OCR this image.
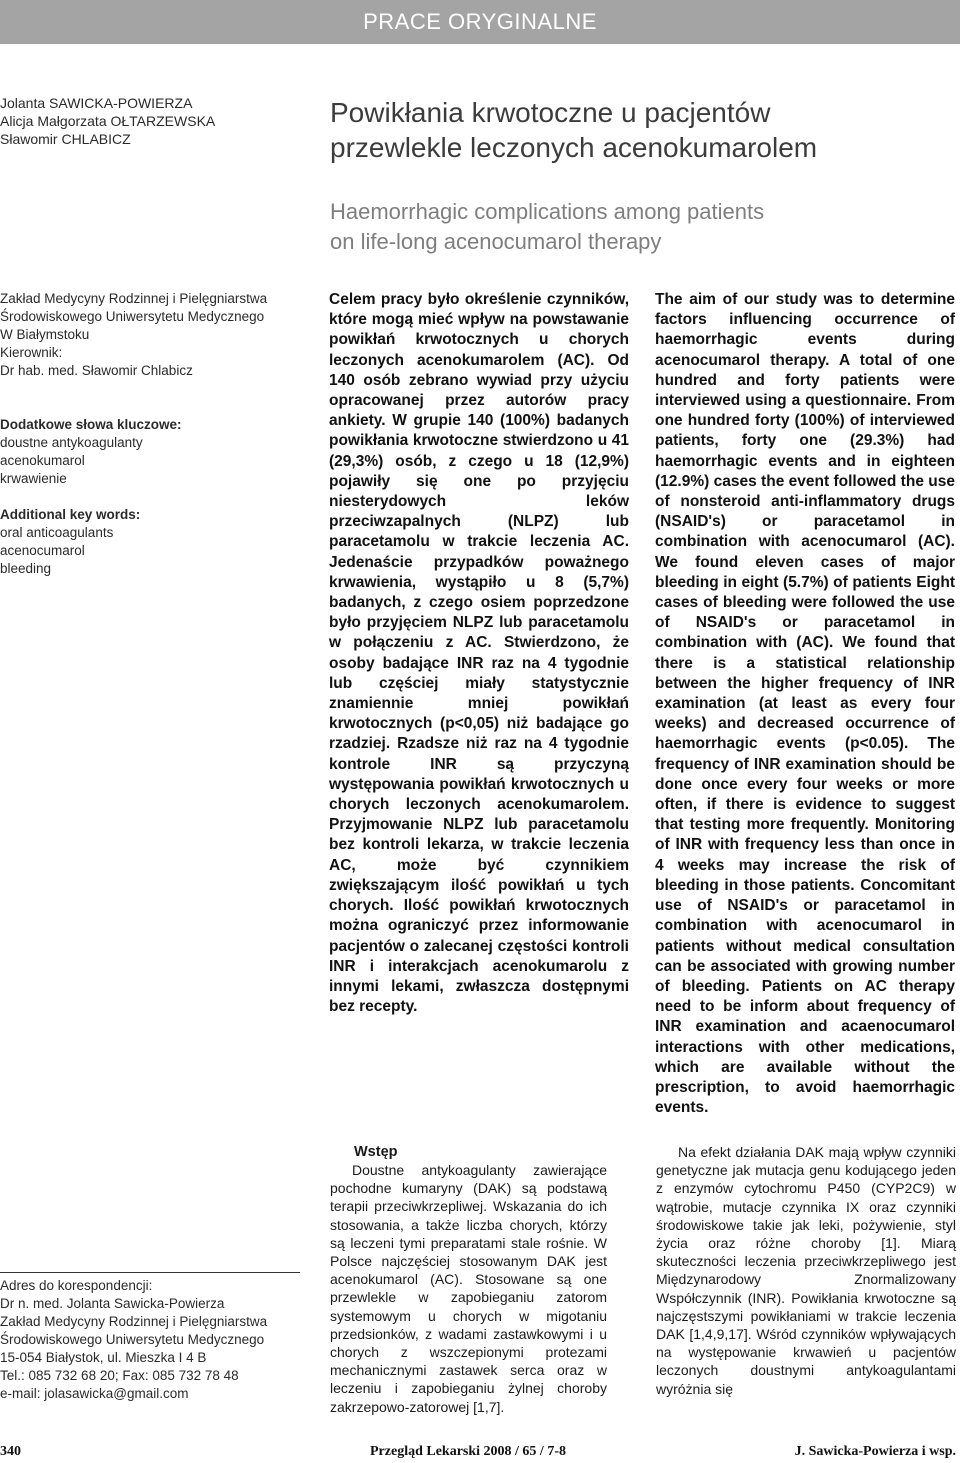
PRACE ORYGINALNE
Jolanta SAWICKA-POWIERZA
Alicja Małgorzata OŁTARZEWSKA
Sławomir CHLABICZ
Powikłania krwotoczne u pacjentów
przewlekle leczonych acenokumarolem
Haemorrhagic complications among patients
on life-long acenocumarol therapy
Zakład Medycyny Rodzinnej i Pielęgniarstwa
Środowiskowego Uniwersytetu Medycznego
W Białymstoku
Kierownik:
Dr hab. med. Sławomir Chlabicz
Dodatkowe słowa kluczowe:
doustne antykoagulanty
acenokumarol
krwawienie
Additional key words:
oral anticoagulants
acenocumarol
bleeding

Celem pracy było określenie czynników, które mogą mieć wpływ na powstawanie powikłań krwotocznych u chorych leczonych acenokumarolem (AC). Od 140 osób zebrano wywiad przy użyciu opracowanej przez autorów pracy ankiety. W grupie 140 (100%) badanych powikłania krwotoczne stwierdzono u 41 (29,3%) osób, z czego u 18 (12,9%) pojawiły się one po przyjęciu niesterydowych leków przeciwzapalnych (NLPZ) lub paracetamolu w trakcie leczenia AC. Jedenaście przypadków poważnego krwawienia, wystąpiło u 8 (5,7%) badanych, z czego osiem poprzedzone było przyjęciem NLPZ lub paracetamolu w połączeniu z AC. Stwierdzono, że osoby badające INR raz na 4 tygodnie lub częściej miały statystycznie znamiennie mniej powikłań krwotocznych (p<0,05) niż badające go rzadziej. Rzadsze niż raz na 4 tygodnie kontrole INR są przyczyną występowania powikłań krwotocznych u chorych leczonych acenokumarolem. Przyjmowanie NLPZ lub paracetamolu bez kontroli lekarza, w trakcie leczenia AC, może być czynnikiem zwiększającym ilość powikłań u tych chorych. Ilość powikłań krwotocznych można ograniczyć przez informowanie pacjentów o zalecanej częstości kontroli INR i interakcjach acenokumarolu z innymi lekami, zwłaszcza dostępnymi bez recepty.

The aim of our study was to determine factors influencing occurrence of haemorrhagic events during acenocumarol therapy. A total of one hundred and forty patients were interviewed using a questionnaire. From one hundred forty (100%) of interviewed patients, forty one (29.3%) had haemorrhagic events and in eighteen (12.9%) cases the event followed the use of nonsteroid anti-inflammatory drugs (NSAID's) or paracetamol in combination with acenocumarol (AC). We found eleven cases of major bleeding in eight (5.7%) of patients Eight cases of bleeding were followed the use of NSAID's or paracetamol in combination with (AC). We found that there is a statistical relationship between the higher frequency of INR examination (at least as every four weeks) and decreased occurrence of haemorrhagic events (p<0.05). The frequency of INR examination should be done once every four weeks or more often, if there is evidence to suggest that testing more frequently. Monitoring of INR with frequency less than once in 4 weeks may increase the risk of bleeding in those patients. Concomitant use of NSAID's or paracetamol in combination with acenocumarol in patients without medical consultation can be associated with growing number of bleeding. Patients on AC therapy need to be inform about frequency of INR examination and acaenocumarol interactions with other medications, which are available without the prescription, to avoid haemorrhagic events.

Adres do korespondencji:
Dr n. med. Jolanta Sawicka-Powierza
Zakład Medycyny Rodzinnej i Pielęgniarstwa
Środowiskowego Uniwersytetu Medycznego
15-054 Białystok, ul. Mieszka I 4 B
Tel.: 085 732 68 20; Fax: 085 732 78 48
e-mail: jolasawicka@gmail.com
Wstęp

Doustne antykoagulanty zawierające pochodne kumaryny (DAK) są podstawą terapii przeciwkrzepliwej. Wskazania do ich stosowania, a także liczba chorych, którzy są leczeni tymi preparatami stale rośnie. W Polsce najczęściej stosowanym DAK jest acenokumarol (AC). Stosowane są one przewlekle w zapobieganiu zatorom systemowym u chorych w migotaniu przedsionków, z wadami zastawkowymi i u chorych z wszczepionymi protezami mechanicznymi zastawek serca oraz w leczeniu i zapobieganiu żylnej choroby zakrzepowo-zatorowej [1,7].

Na efekt działania DAK mają wpływ czynniki genetyczne jak mutacja genu kodującego jeden z enzymów cytochromu P450 (CYP2C9) w wątrobie, mutacje czynnika IX oraz czynniki środowiskowe takie jak leki, pożywienie, styl życia oraz różne choroby [1]. Miarą skuteczności leczenia przeciwkrzepliwego jest Międzynarodowy Znormalizowany Współczynnik (INR). Powikłania krwotoczne są najczęstszymi powikłaniami w trakcie leczenia DAK [1,4,9,17]. Wśród czynników wpływających na występowanie krwawień u pacjentów leczonych doustnymi antykoagulantami wyróżnia się

340	Przegląd Lekarski 2008 / 65 / 7-8	J. Sawicka-Powierza i wsp.
